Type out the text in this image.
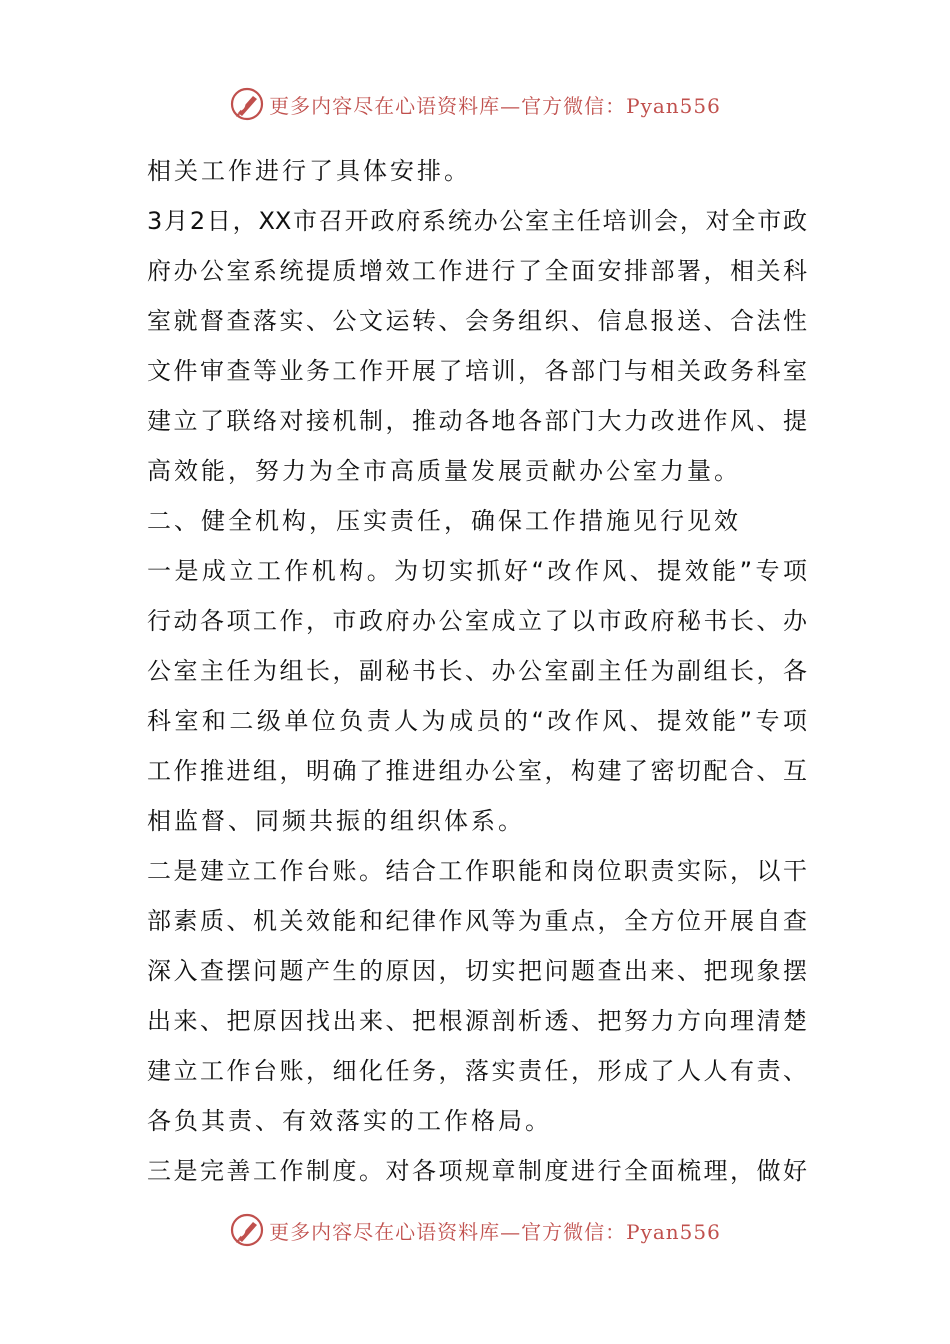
更多内容尽在心语资料库—官方微信：Pyan556
相关工作进行了具体安排。
3月2日，XX市召开政府系统办公室主任培训会，对全市政
府办公室系统提质增效工作进行了全面安排部署，相关科
室就督查落实、公文运转、会务组织、信息报送、合法性
文件审查等业务工作开展了培训，各部门与相关政务科室
建立了联络对接机制，推动各地各部门大力改进作风、提
高效能，努力为全市高质量发展贡献办公室力量。
二、健全机构，压实责任，确保工作措施见行见效
一是成立工作机构。为切实抓好“改作风、提效能”专项
行动各项工作，市政府办公室成立了以市政府秘书长、办
公室主任为组长，副秘书长、办公室副主任为副组长，各
科室和二级单位负责人为成员的“改作风、提效能”专项
工作推进组，明确了推进组办公室，构建了密切配合、互
相监督、同频共振的组织体系。
二是建立工作台账。结合工作职能和岗位职责实际，以干
部素质、机关效能和纪律作风等为重点，全方位开展自查
深入查摆问题产生的原因，切实把问题查出来、把现象摆
出来、把原因找出来、把根源剖析透、把努力方向理清楚
建立工作台账，细化任务，落实责任，形成了人人有责、
各负其责、有效落实的工作格局。
三是完善工作制度。对各项规章制度进行全面梳理，做好
更多内容尽在心语资料库—官方微信：Pyan556
